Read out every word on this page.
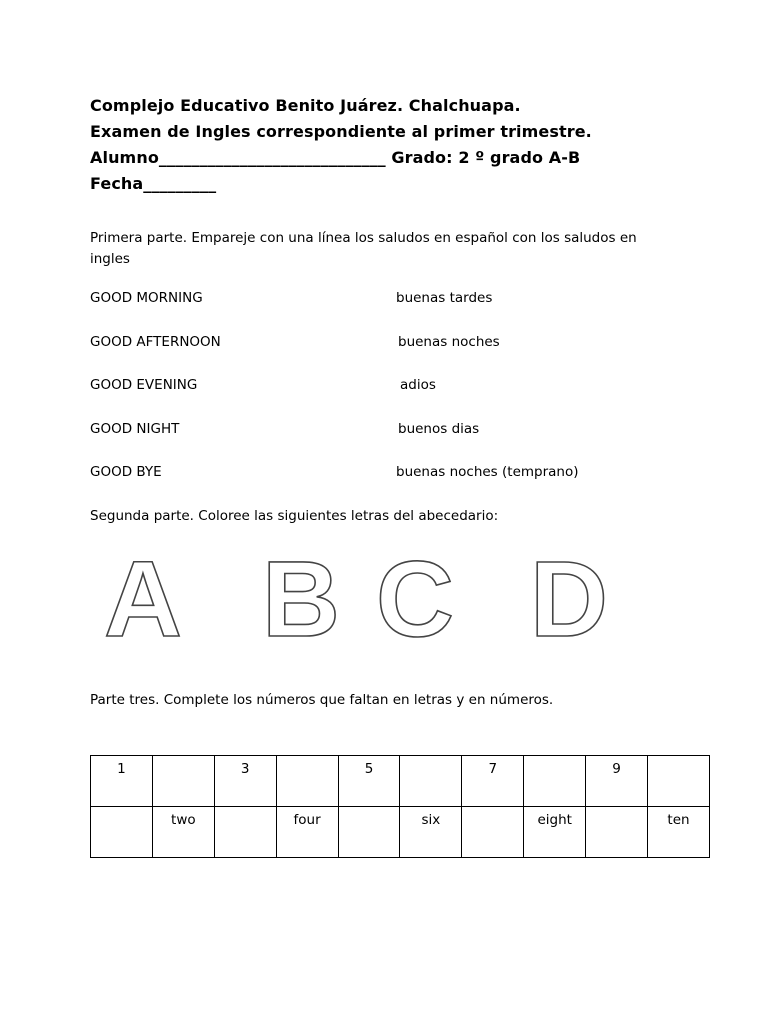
Complejo Educativo Benito Juárez. Chalchuapa.
Examen de Ingles correspondiente al primer trimestre.
Alumno____________________________ Grado: 2 º grado A-B
Fecha_________
Primera parte. Empareje con una línea los saludos en español con los saludos en
ingles
GOOD MORNING	buenas tardes
GOOD AFTERNOON	buenas noches
GOOD EVENING	adios
GOOD NIGHT	buenos dias
GOOD BYE	buenas noches (temprano)
Segunda parte. Coloree las siguientes letras del abecedario:
A B C D
Parte tres. Complete los números que faltan en letras y en números.
1		3		5		7		9	
	two		four		six		eight		ten
